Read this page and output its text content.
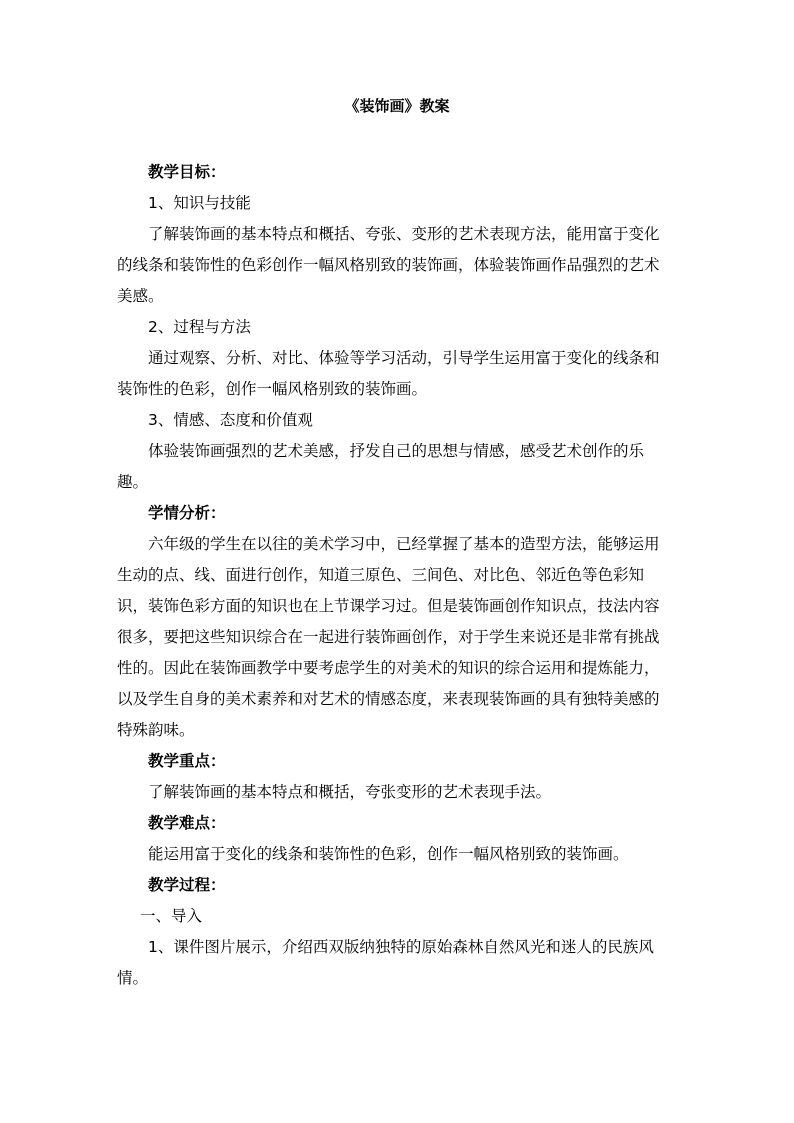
《装饰画》教案

教学目标：

1、知识与技能

了解装饰画的基本特点和概括、夸张、变形的艺术表现方法，能用富于变化的线条和装饰性的色彩创作一幅风格别致的装饰画，体验装饰画作品强烈的艺术美感。

2、过程与方法

通过观察、分析、对比、体验等学习活动，引导学生运用富于变化的线条和装饰性的色彩，创作一幅风格别致的装饰画。

3、情感、态度和价值观

体验装饰画强烈的艺术美感，抒发自己的思想与情感，感受艺术创作的乐趣。

学情分析：

六年级的学生在以往的美术学习中，已经掌握了基本的造型方法，能够运用生动的点、线、面进行创作，知道三原色、三间色、对比色、邻近色等色彩知识，装饰色彩方面的知识也在上节课学习过。但是装饰画创作知识点，技法内容很多，要把这些知识综合在一起进行装饰画创作，对于学生来说还是非常有挑战性的。因此在装饰画教学中要考虑学生的对美术的知识的综合运用和提炼能力，以及学生自身的美术素养和对艺术的情感态度，来表现装饰画的具有独特美感的特殊韵味。

教学重点：

了解装饰画的基本特点和概括，夸张变形的艺术表现手法。

教学难点：

能运用富于变化的线条和装饰性的色彩，创作一幅风格别致的装饰画。

教学过程：

一、导入

1、课件图片展示，介绍西双版纳独特的原始森林自然风光和迷人的民族风情。
